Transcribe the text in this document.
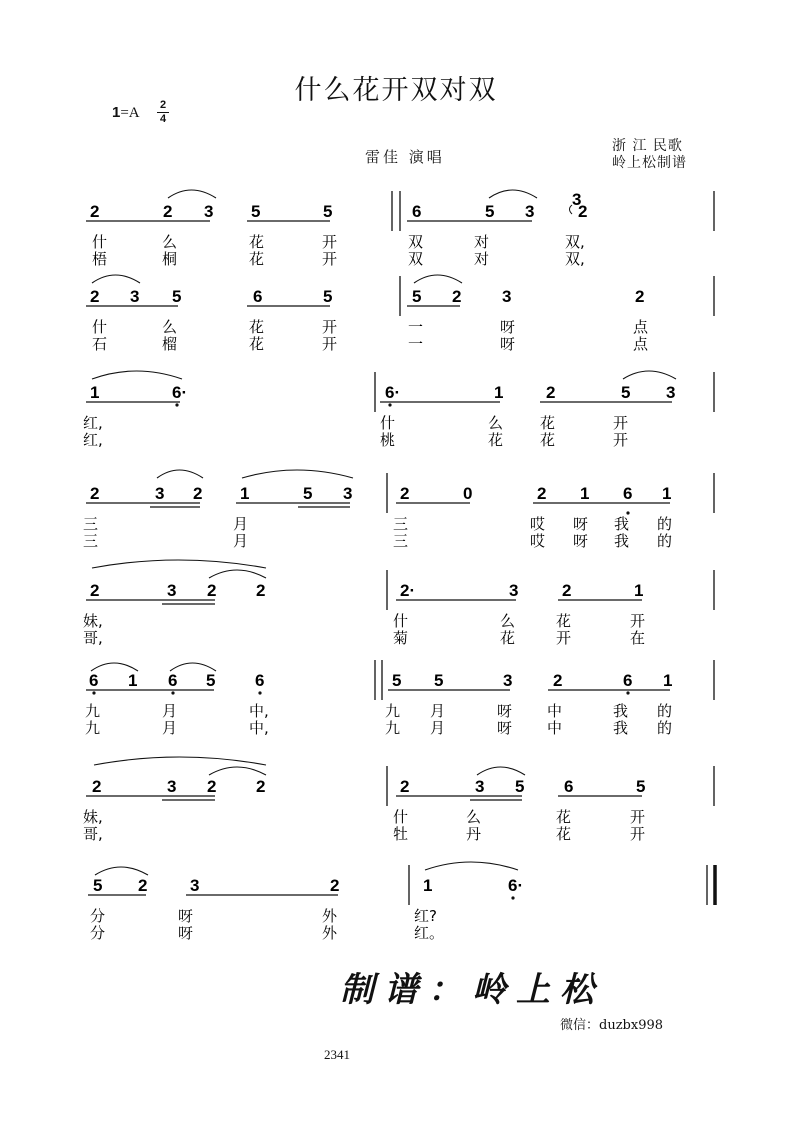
什么花开双对双
1=A 2
4
雷佳 演唱
浙 江 民歌
岭上松制谱
2	2 3 5	5	6	5 3
3
2
什	么	花	开	双	对	双,
梧	桐	花	开	双	对	双,
2 3 5	6	5	5 2 3	2
什	么	花	开	一	呀	点
石	榴	花	开	一	呀	点
1	6·	6·	1	2	5 3
红,	什	么 花	开
红,	桃	花 花	开
2	3 2 1	5 3	2	0	2 1 6 1
三	月	三	哎 呀 我 的
三	月	三	哎 呀 我 的
2	3 2 2	2·	3	2	1
妹,	什	么	花	开
哥,	菊	花	开	在
6 1 6 5 6	5 5	3 2	6 1
九	月	中,	九 月	呀 中	我 的
九	月	中,	九 月	呀 中	我 的
2	3 2 2	2	3 5 6	5
妹,	什	么	花	开
哥,	牡	丹	花	开
5 2	3	2	1	6·
分	呀	外	红?
分	呀	外	红。
制谱：岭上松
微信：duzbx998
2341
